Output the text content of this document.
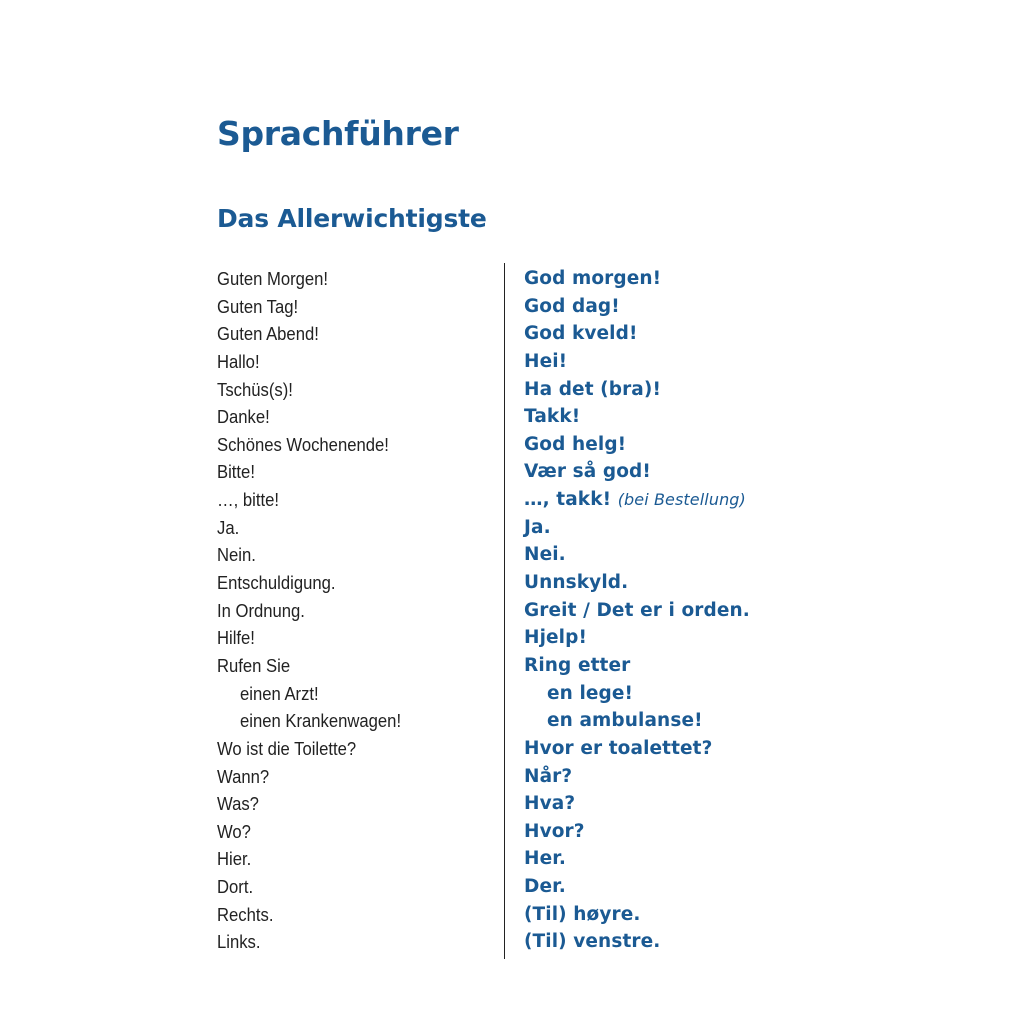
Sprachführer
Das Allerwichtigste
Guten Morgen!	God morgen!
Guten Tag!	God dag!
Guten Abend!	God kveld!
Hallo!	Hei!
Tschüs(s)!	Ha det (bra)!
Danke!	Takk!
Schönes Wochenende!	God helg!
Bitte!	Vær så god!
…, bitte!	…, takk! (bei Bestellung)
Ja.	Ja.
Nein.	Nei.
Entschuldigung.	Unnskyld.
In Ordnung.	Greit / Det er i orden.
Hilfe!	Hjelp!
Rufen Sie	Ring etter
einen Arzt!	en lege!
einen Krankenwagen!	en ambulanse!
Wo ist die Toilette?	Hvor er toalettet?
Wann?	Når?
Was?	Hva?
Wo?	Hvor?
Hier.	Her.
Dort.	Der.
Rechts.	(Til) høyre.
Links.	(Til) venstre.
